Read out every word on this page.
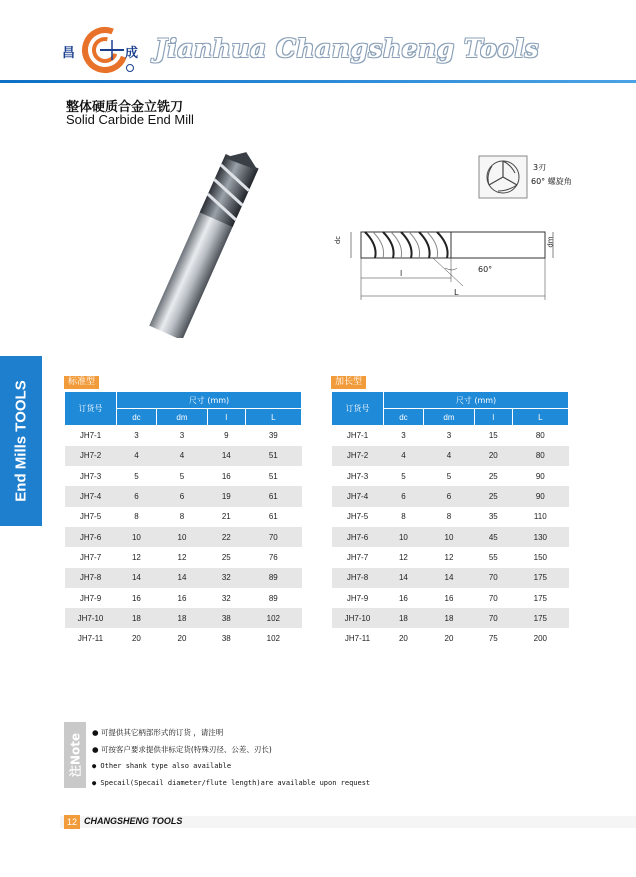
昌	成 Jianhua Changsheng Tools
整体硬质合金立铣刀
Solid Carbide End Mill
3刃
60° 螺旋角
dc	dm
l
L
60°
End Mills TOOLS	标准型
订货号	尺寸 (mm)			
	dc	dm	l	L
JH7-1	3	3	9	39
JH7-2	4	4	14	51
JH7-3	5	5	16	51
JH7-4	6	6	19	61
JH7-5	8	8	21	61
JH7-6	10	10	22	70
JH7-7	12	12	25	76
JH7-8	14	14	32	89
JH7-9	16	16	32	89
JH7-10	18	18	38	102
JH7-11	20	20	38	102
加长型
订货号	尺寸 (mm)			
	dc	dm	l	L
JH7-1	3	3	15	80
JH7-2	4	4	20	80
JH7-3	5	5	25	90
JH7-4	6	6	25	90
JH7-5	8	8	35	110
JH7-6	10	10	45	130
JH7-7	12	12	55	150
JH7-8	14	14	70	175
JH7-9	16	16	70	175
JH7-10	18	18	70	175
JH7-11	20	20	75	200
注Note
● 可提供其它柄部形式的订货 ，请注明
● 可按客户要求提供非标定货(特殊刃径、公差、刃长)
● Other shank type also available
● Specail(Specail diameter/flute length)are available upon request
12 CHANGSHENG TOOLS
